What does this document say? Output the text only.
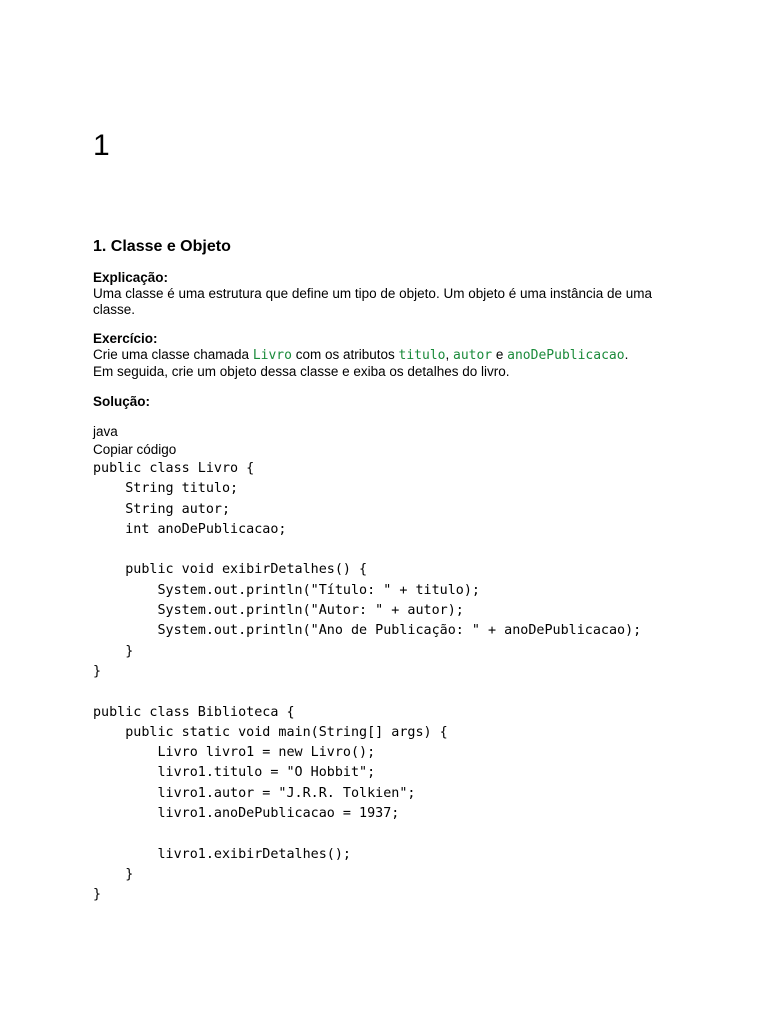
1
1. Classe e Objeto
Explicação:
Uma classe é uma estrutura que define um tipo de objeto. Um objeto é uma instância de uma classe.
Exercício:
Crie uma classe chamada Livro com os atributos titulo, autor e anoDePublicacao.
Em seguida, crie um objeto dessa classe e exiba os detalhes do livro.
Solução:
java
Copiar código
public class Livro {
String titulo;
String autor;
int anoDePublicacao;
public void exibirDetalhes() {
System.out.println("Título: " + titulo);
System.out.println("Autor: " + autor);
System.out.println("Ano de Publicação: " + anoDePublicacao);
}
}
public class Biblioteca {
public static void main(String[] args) {
Livro livro1 = new Livro();
livro1.titulo = "O Hobbit";
livro1.autor = "J.R.R. Tolkien";
livro1.anoDePublicacao = 1937;
livro1.exibirDetalhes();
}
}
